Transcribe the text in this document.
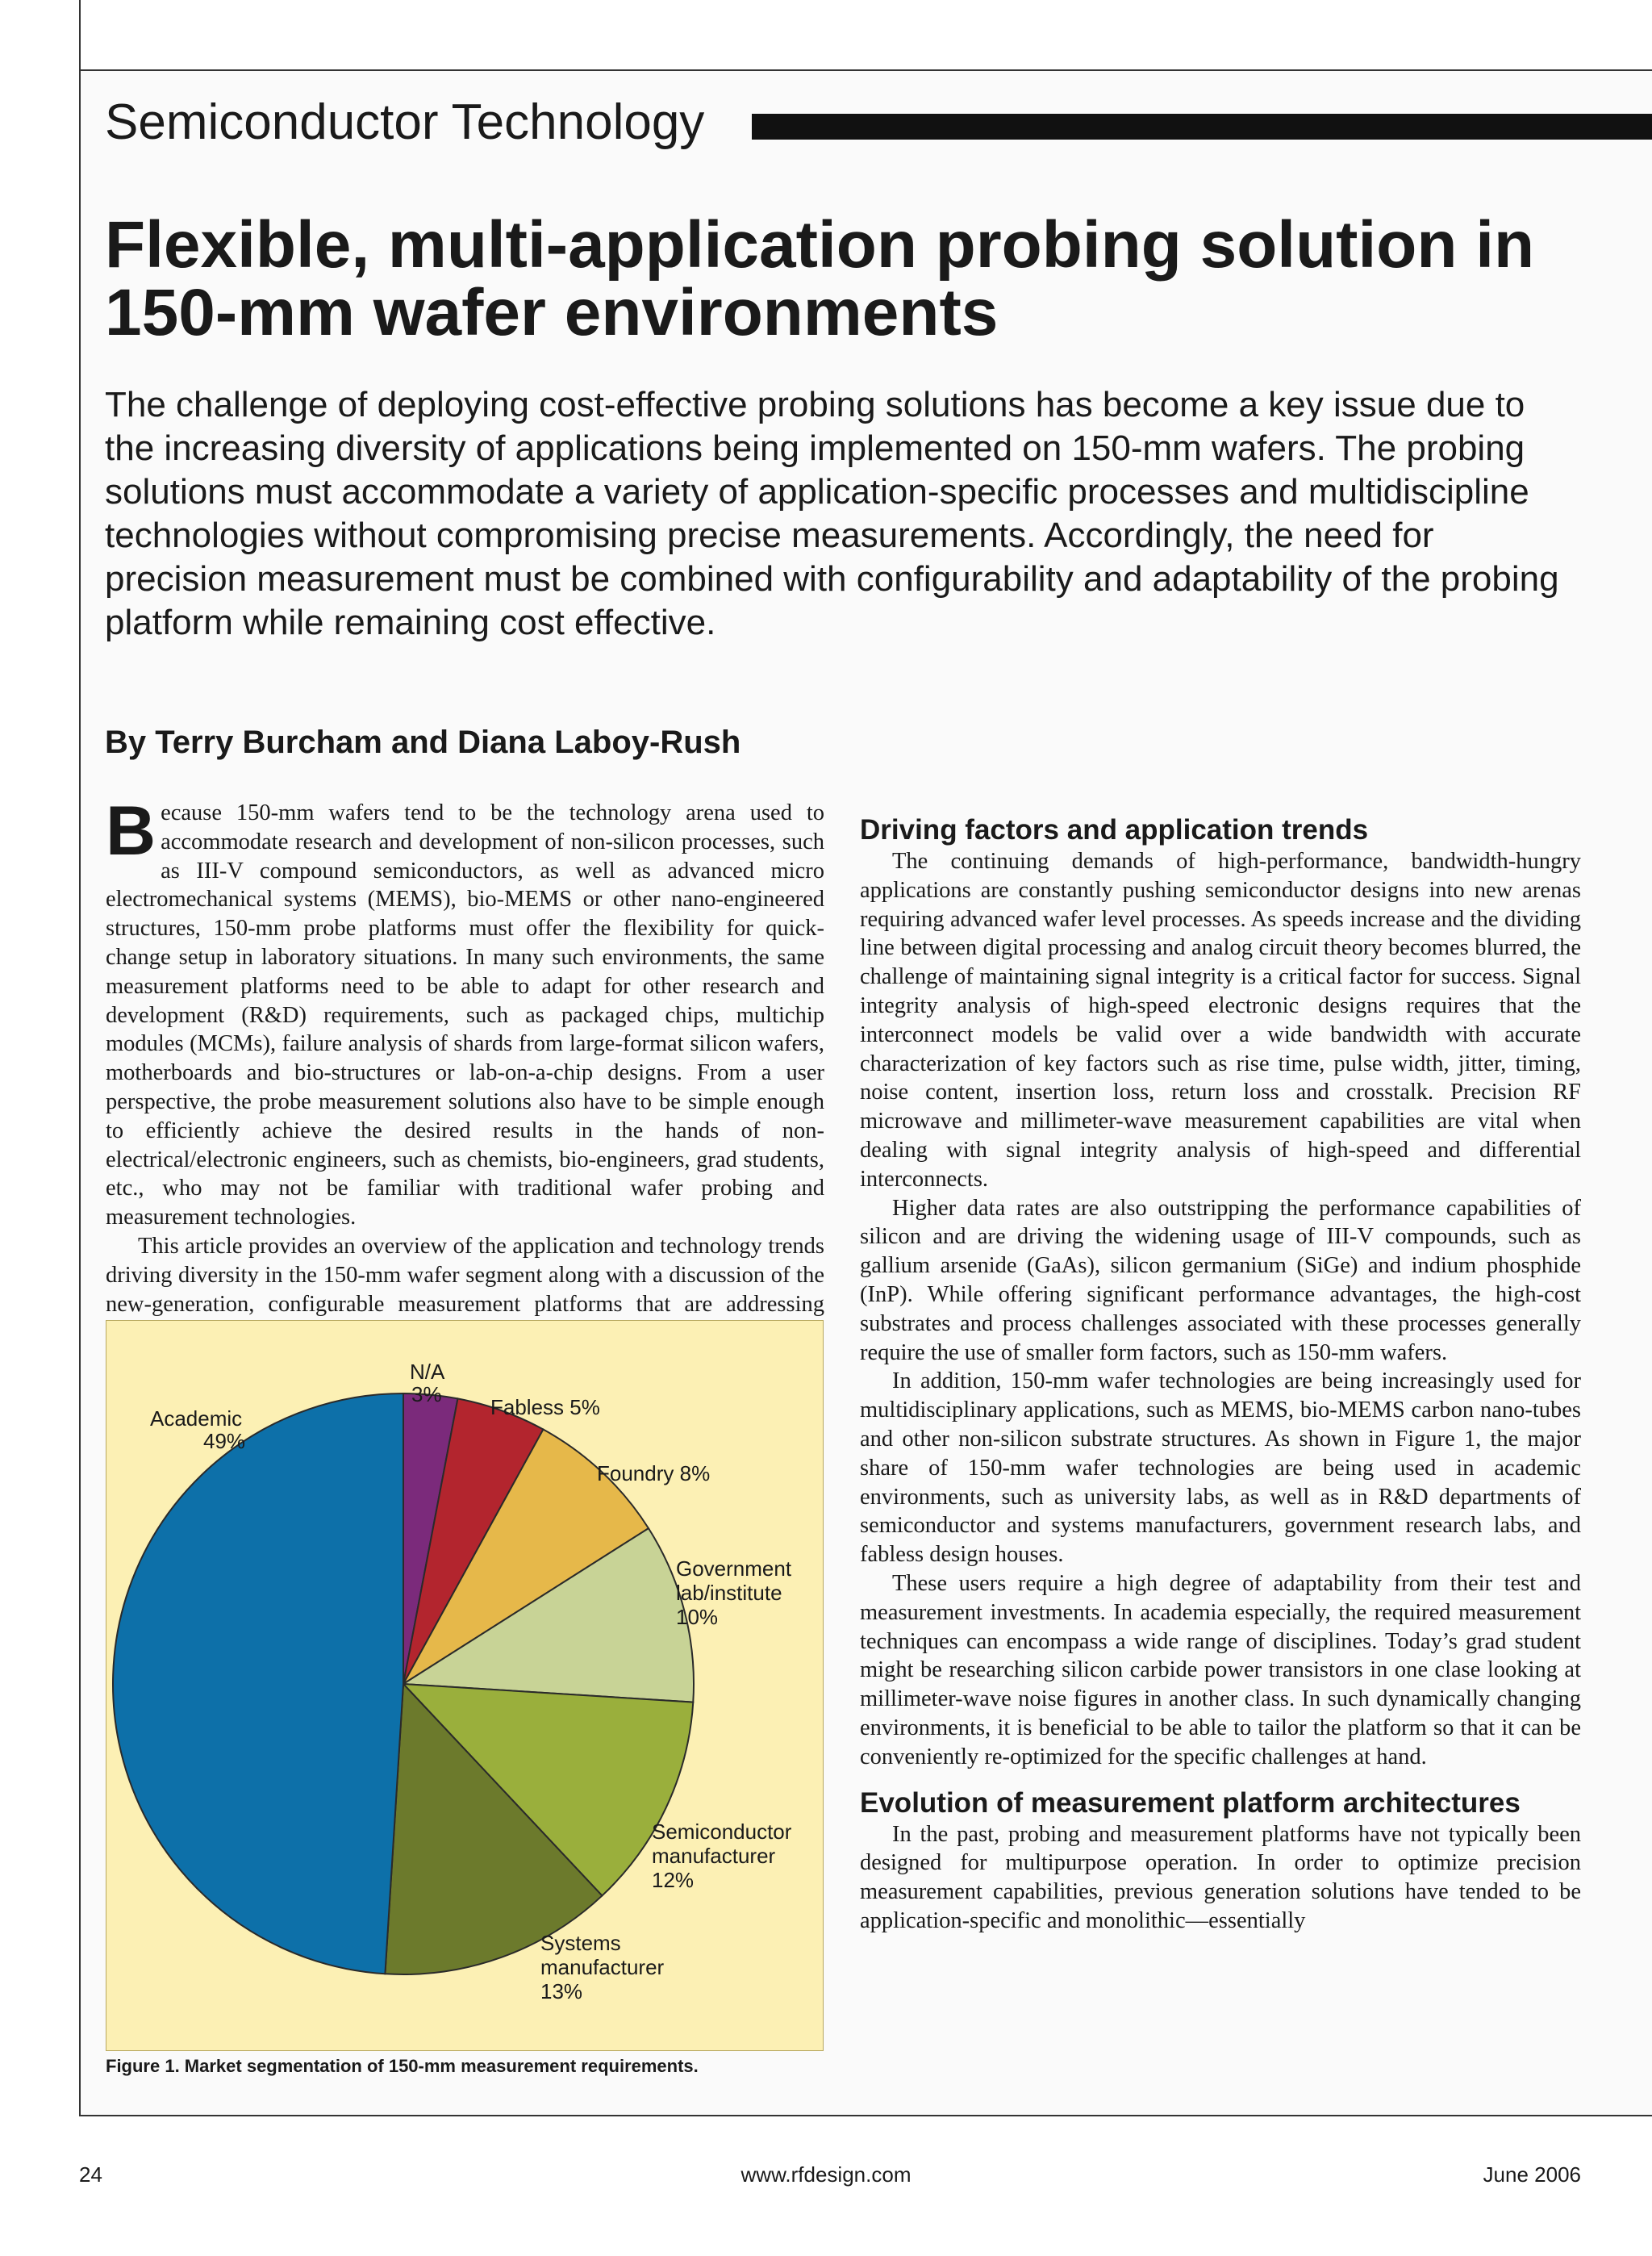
Semiconductor Technology
Flexible, multi-application probing solution in 150-mm wafer environments

The challenge of deploying cost-effective probing solutions has become a key issue due to the increasing diversity of applications being implemented on 150-mm wafers. The probing solutions must accommodate a variety of application-specific processes and multidiscipline technologies without compromising precise measurements. Accordingly, the need for precision measurement must be combined with configurability and adaptability of the probing platform while remaining cost effective.

By Terry Burcham and Diana Laboy-Rush

Because 150-mm wafers tend to be the technology arena used to accommodate research and development of non-silicon processes, such as III-V compound semiconductors, as well as advanced micro electromechanical systems (MEMS), bio-MEMS or other nano-engineered structures, 150-mm probe platforms must offer the flexibility for quick-change setup in laboratory situations. In many such environments, the same measurement platforms need to be able to adapt for other research and development (R&D) requirements, such as packaged chips, multichip modules (MCMs), failure analysis of shards from large-format silicon wafers, motherboards and bio-structures or lab-on-a-chip designs. From a user perspective, the probe measurement solutions also have to be simple enough to efficiently achieve the desired results in the hands of non-electrical/electronic engineers, such as chemists, bio-engineers, grad students, etc., who may not be familiar with traditional wafer probing and measurement technologies.

This article provides an overview of the application and technology trends driving diversity in the 150-mm wafer segment along with a discussion of the new-generation, configurable measurement platforms that are addressing

Driving factors and application trends

The continuing demands of high-performance, bandwidth-hungry applications are constantly pushing semiconductor designs into new arenas requiring advanced wafer level processes. As speeds increase and the dividing line between digital processing and analog circuit theory becomes blurred, the challenge of maintaining signal integrity is a critical factor for success. Signal integrity analysis of high-speed electronic designs requires that the interconnect models be valid over a wide bandwidth with accurate characterization of key factors such as rise time, pulse width, jitter, timing, noise content, insertion loss, return loss and crosstalk. Precision RF microwave and millimeter-wave measurement capabilities are vital when dealing with signal integrity analysis of high-speed and differential interconnects.

Higher data rates are also outstripping the performance capabilities of silicon and are driving the widening usage of III-V compounds, such as gallium arsenide (GaAs), silicon germanium (SiGe) and indium phosphide (InP). While offering significant performance advantages, the high-cost substrates and process challenges associated with these processes generally require the use of smaller form factors, such as 150-mm wafers.

In addition, 150-mm wafer technologies are being increasingly used for multidisciplinary applications, such as MEMS, bio-MEMS carbon nano-tubes and other non-silicon substrate structures. As shown in Figure 1, the major share of 150-mm wafer technologies are being used in academic environments, such as university labs, as well as in R&D departments of semiconductor and systems manufacturers, government research labs, and fabless design houses.

These users require a high degree of adaptability from their test and measurement investments. In academia especially, the required measurement techniques can encompass a wide range of disciplines. Today’s grad student might be researching silicon carbide power transistors in one clase looking at millimeter-wave noise figures in another class. In such dynamically changing environments, it is beneficial to be able to tailor the platform so that it can be conveniently re-optimized for the specific challenges at hand.

Evolution of measurement platform architectures

In the past, probing and measurement platforms have not typically been designed for multipurpose operation. In order to optimize precision measurement capabilities, previous generation solutions have tended to be application-specific and monolithic—essentially

Academic
49%
N/A
3%
Fabless 5%
Foundry 8%
Government
lab/institute
10%
Semiconductor
manufacturer
12%
Systems
manufacturer
13%
Figure 1. Market segmentation of 150-mm measurement requirements.
24	www.rfdesign.com	June 2006
